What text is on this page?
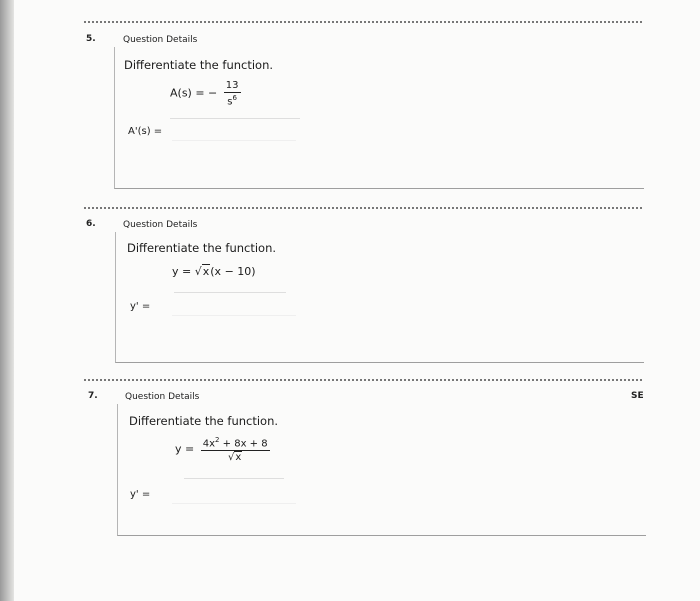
5.	Question Details
Differentiate the function.
A(s) = − $\frac{13}{s^6}$
A'(s) =
6.	Question Details
Differentiate the function.
y = √x(x − 10)
y' =
7.	Question Details	SE
Differentiate the function.
$y = \frac{4x^2 + 8x + 8}{√x}$
y' =
